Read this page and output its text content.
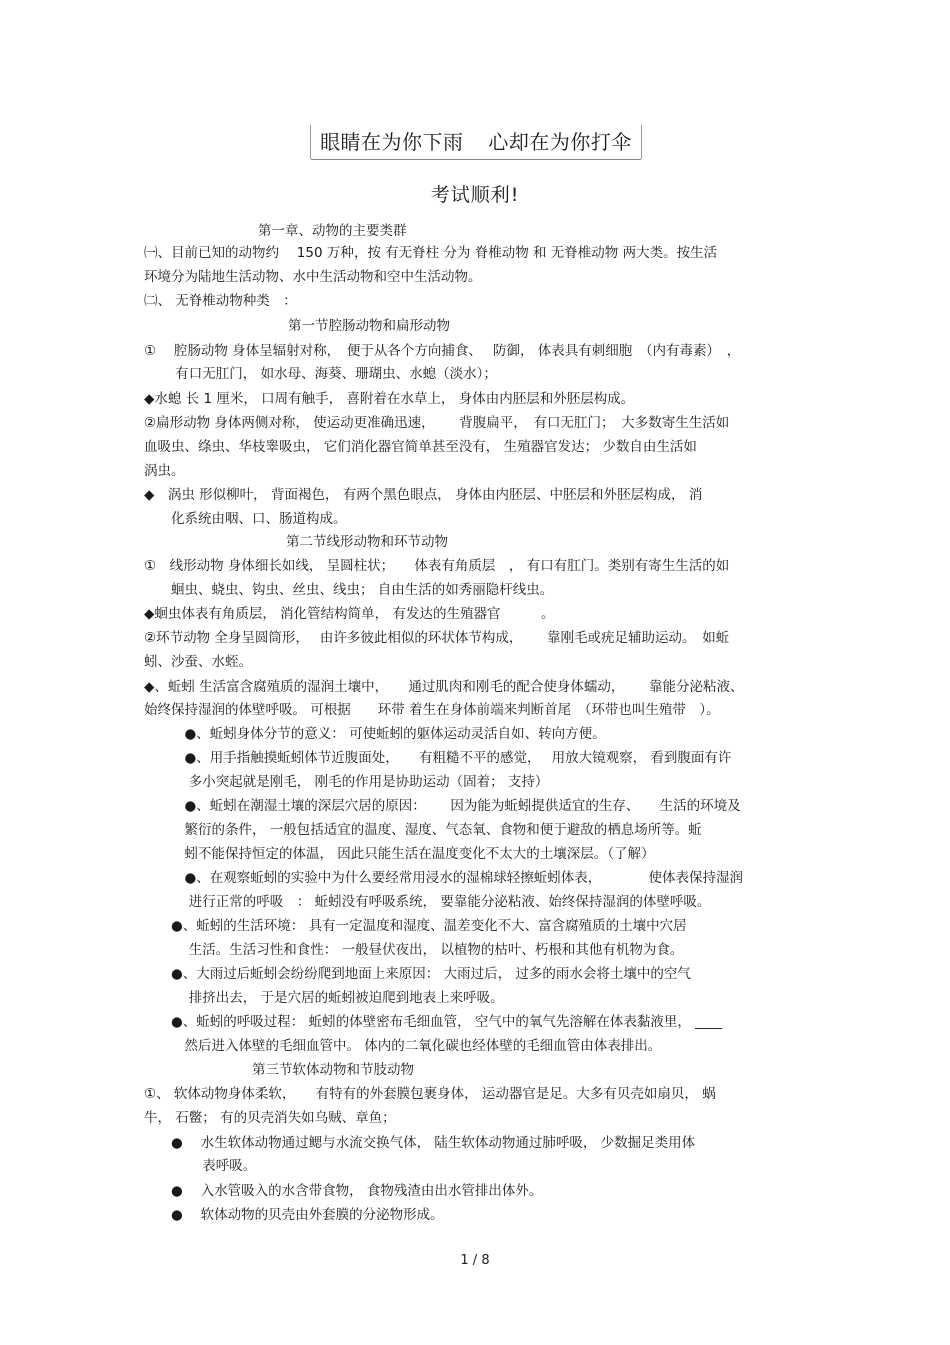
眼睛在为你下雨 心却在为你打伞
考试顺利!
第一章、动物的主要类群
㈠、目前已知的动物约　 150 万种，按 有无脊柱 分为 脊椎动物 和 无脊椎动物 两大类。按生活
环境分为陆地生活动物、水中生活动物和空中生活动物。
㈡、 无脊椎动物种类　：
第一节腔肠动物和扁形动物
①　 腔肠动物 身体呈辐射对称，　便于从各个方向捕食、　 防御， 体表具有刺细胞　（内有毒素）　，
　　 有口无肛门， 如水母、海葵、珊瑚虫、水螅（淡水）；
◆水螅 长 1 厘米， 口周有触手， 喜附着在水草上， 身体由内胚层和外胚层构成。
②扁形动物 身体两侧对称， 使运动更准确迅速，　　 背腹扁平，　有口无肛门；　大多数寄生生活如
血吸虫、绦虫、华枝睾吸虫， 它们消化器官简单甚至没有， 生殖器官发达； 少数自由生活如
涡虫。
◆　涡虫 形似柳叶， 背面褐色， 有两个黑色眼点， 身体由内胚层、中胚层和外胚层构成， 消
　　化系统由咽、口、肠道构成。
第二节线形动物和环节动物
①　线形动物 身体细长如线， 呈圆柱状；　　体表有角质层　， 有口有肛门。类别有寄生生活的如
　　蛔虫、蛲虫、钩虫、丝虫、线虫； 自由生活的如秀丽隐杆线虫。
◆蛔虫体表有角质层， 消化管结构简单， 有发达的生殖器官　　　。
②环节动物 全身呈圆筒形，　 由许多彼此相似的环状体节构成，　　 靠刚毛或疣足辅助运动。　如蚯
蚓、沙蚕、水蛭。
◆、蚯蚓 生活富含腐殖质的湿润土壤中，　　通过肌肉和刚毛的配合使身体蠕动，　　 靠能分泌粘液、
始终保持湿润的体壁呼吸。 可根据　　环带 着生在身体前端来判断首尾　（环带也叫生殖带　）。
　　　●、蚯蚓身体分节的意义： 可使蚯蚓的躯体运动灵活自如、转向方便。
　　　●、用手指触摸蚯蚓体节近腹面处，　　有粗糙不平的感觉，　 用放大镜观察， 看到腹面有许
　　　 多小突起就是刚毛， 刚毛的作用是协助运动（固着； 支持）
　　　●、蚯蚓在潮湿土壤的深层穴居的原因：　　 因为能为蚯蚓提供适宜的生存、　　生活的环境及
　　　繁衍的条件， 一般包括适宜的温度、湿度、气态氧、食物和便于避敌的栖息场所等。蚯
　　　蚓不能保持恒定的体温， 因此只能生活在温度变化不太大的土壤深层。（了解）
　　　●、在观察蚯蚓的实验中为什么要经常用浸水的湿棉球轻擦蚯蚓体表，　　　　使体表保持湿润
　　　 进行正常的呼吸　： 蚯蚓没有呼吸系统， 要靠能分泌粘液、始终保持湿润的体壁呼吸。
　　●、蚯蚓的生活环境： 具有一定温度和湿度、温差变化不大、富含腐殖质的土壤中穴居
　　　 生活。生活习性和食性： 一般昼伏夜出， 以植物的枯叶、朽根和其他有机物为食。
　　●、大雨过后蚯蚓会纷纷爬到地面上来原因： 大雨过后， 过多的雨水会将土壤中的空气
　　　 排挤出去， 于是穴居的蚯蚓被迫爬到地表上来呼吸。
　　●、蚯蚓的呼吸过程： 蚯蚓的体壁密布毛细血管， 空气中的氧气先溶解在体表黏液里， ____
　　　然后进入体壁的毛细血管中。 体内的二氧化碳也经体壁的毛细血管由体表排出。
第三节软体动物和节肢动物
①、 软体动物身体柔软，　　有特有的外套膜包裹身体， 运动器官是足。大多有贝壳如扇贝， 蜗
牛， 石鳖； 有的贝壳消失如乌贼、章鱼；
　　●　 水生软体动物通过鳃与水流交换气体， 陆生软体动物通过肺呼吸， 少数掘足类用体
　　　　 表呼吸。
　　●　 入水管吸入的水含带食物， 食物残渣由出水管排出体外。
　　●　 软体动物的贝壳由外套膜的分泌物形成。
1 / 8
